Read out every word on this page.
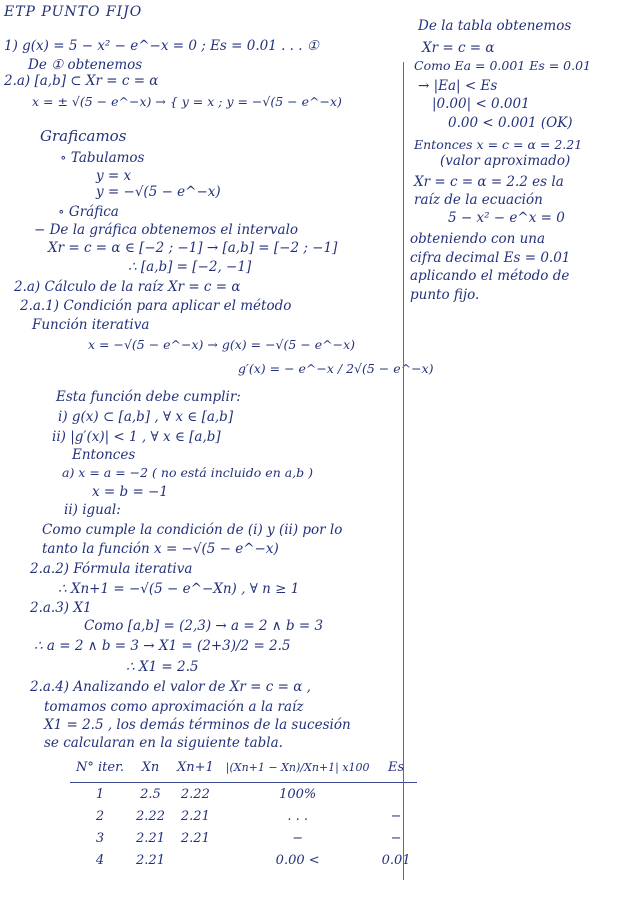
ETP PUNTO FIJO
1) g(x) = 5 − x² − e^−x = 0 ; Es = 0.01 . . . ①
De ① obtenemos
2.a) [a,b] ⊂ Xr = c = α
x = ± √(5 − e^−x) → { y = x ; y = −√(5 − e^−x)
Graficamos
∘ Tabulamos
y = x
y = −√(5 − e^−x)
∘ Gráfica
− De la gráfica obtenemos el intervalo
Xr = c = α ∈ [−2 ; −1] → [a,b] = [−2 ; −1]
∴ [a,b] = [−2, −1]
2.a) Cálculo de la raíz Xr = c = α
2.a.1) Condición para aplicar el método
Función iterativa
x = −√(5 − e^−x) → g(x) = −√(5 − e^−x)
g′(x) = − e^−x / 2√(5 − e^−x)
Esta función debe cumplir:
i) g(x) ⊂ [a,b] , ∀ x ∈ [a,b]
ii) |g′(x)| < 1 , ∀ x ∈ [a,b]
Entonces
a) x = a = −2 ( no está incluido en a,b )
x = b = −1
ii) igual:
Como cumple la condición de (i) y (ii) por lo
tanto la función x = −√(5 − e^−x)
2.a.2) Fórmula iterativa
∴ Xn+1 = −√(5 − e^−Xn) , ∀ n ≥ 1
2.a.3) X1
Como [a,b] = (2,3) → a = 2 ∧ b = 3
∴ a = 2 ∧ b = 3 → X1 = (2+3)/2 = 2.5
∴ X1 = 2.5
2.a.4) Analizando el valor de Xr = c = α ,
tomamos como aproximación a la raíz
X1 = 2.5 , los demás términos de la sucesión
se calcularan en la siguiente tabla.
N° iter.	Xn	Xn+1	|(Xn+1 − Xn)/Xn+1| x100	Es
1	2.5	2.22	100%	
2	2.22	2.21	. . .	−
3	2.21	2.21	−	−
4	2.21		0.00 <	0.01
De la tabla obtenemos
Xr = c = α
Como Ea = 0.001 Es = 0.01
→ |Ea| < Es
|0.00| < 0.001
0.00 < 0.001 (OK)
Entonces x = c = α = 2.21
(valor aproximado)
Xr = c = α = 2.2 es la
raíz de la ecuación
5 − x² − e^x = 0
obteniendo con una
cifra decimal Es = 0.01
aplicando el método de
punto fijo.
